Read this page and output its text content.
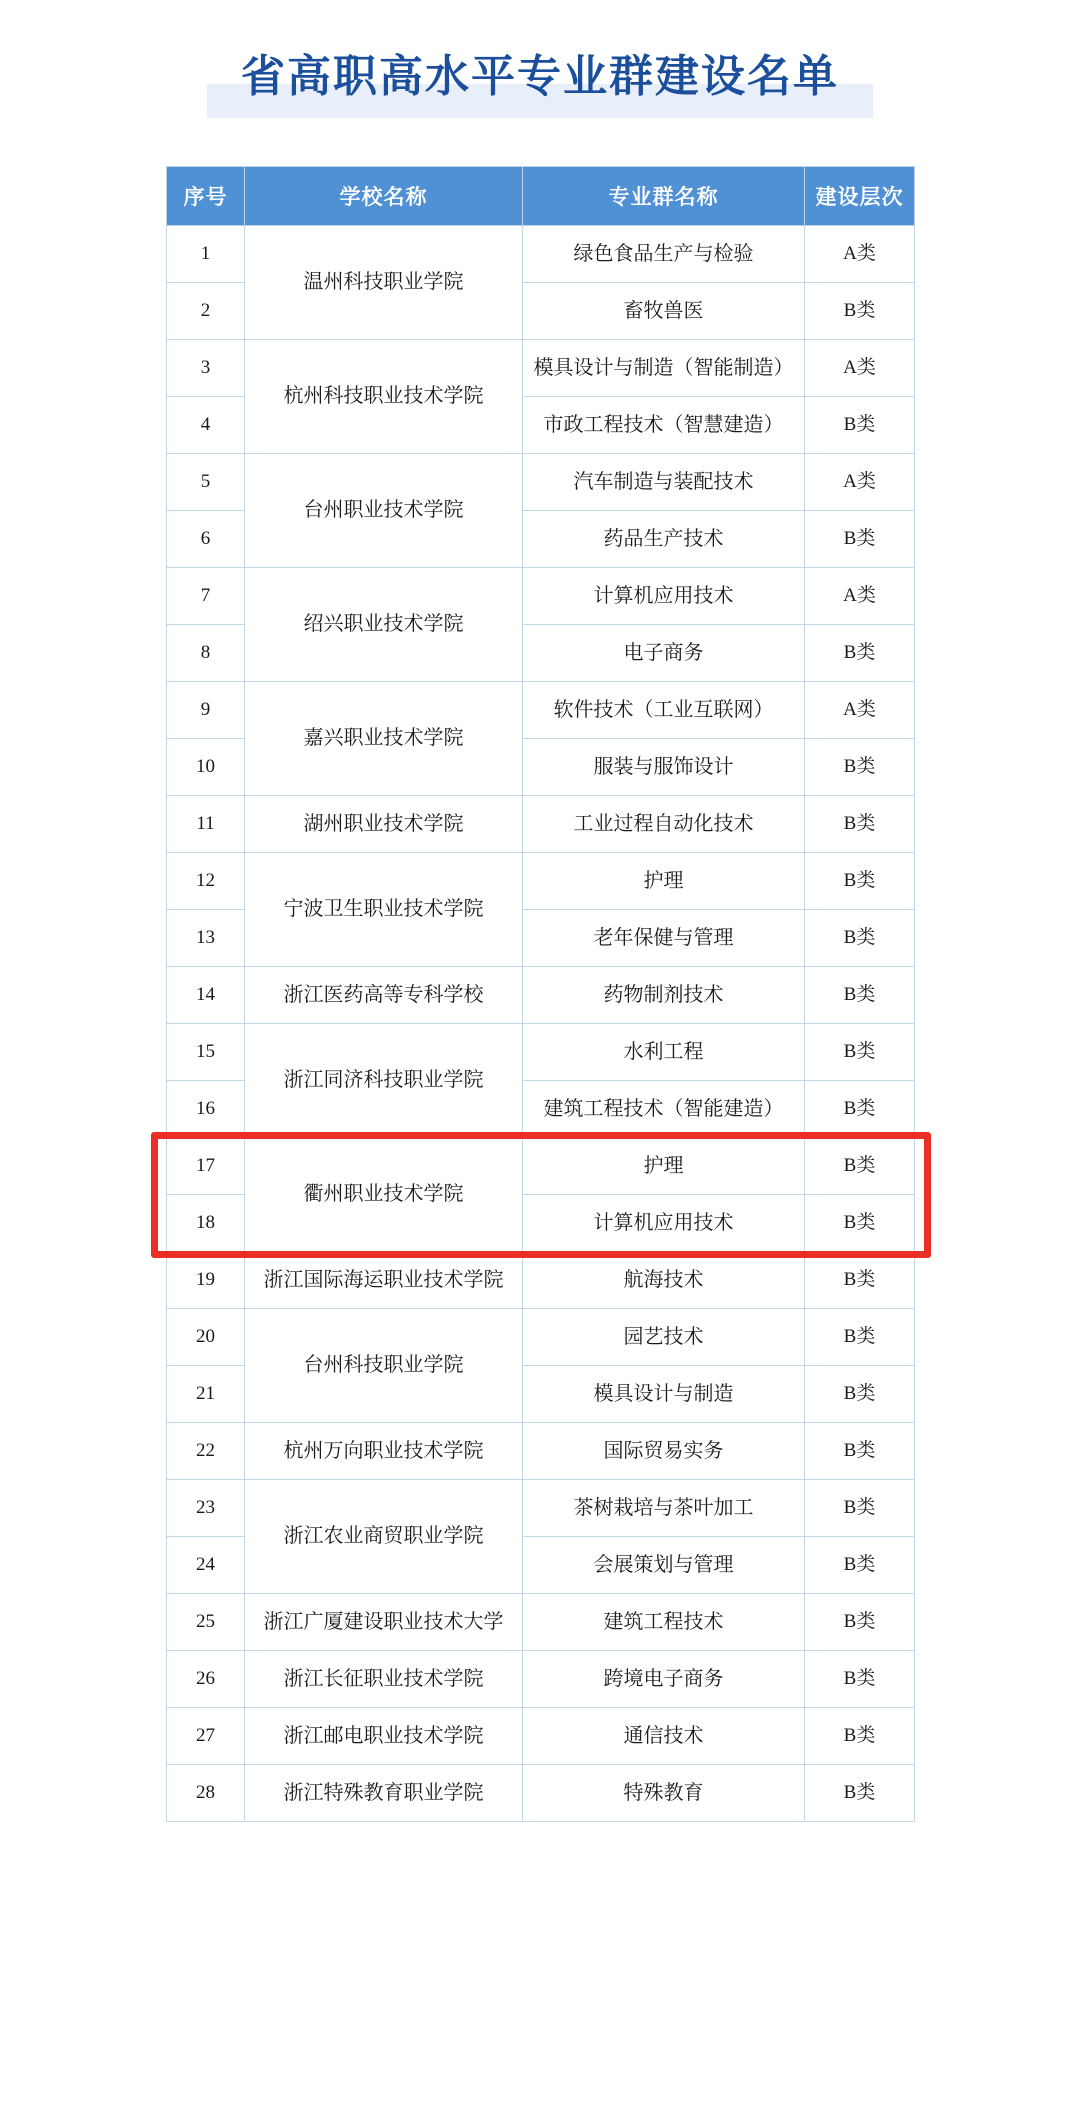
省高职高水平专业群建设名单
序号	学校名称	专业群名称	建设层次
1	温州科技职业学院	绿色食品生产与检验	A类
2		畜牧兽医	B类
3	杭州科技职业技术学院	模具设计与制造（智能制造）	A类
4		市政工程技术（智慧建造）	B类
5	台州职业技术学院	汽车制造与装配技术	A类
6		药品生产技术	B类
7	绍兴职业技术学院	计算机应用技术	A类
8		电子商务	B类
9	嘉兴职业技术学院	软件技术（工业互联网）	A类
10		服装与服饰设计	B类
11	湖州职业技术学院	工业过程自动化技术	B类
12	宁波卫生职业技术学院	护理	B类
13		老年保健与管理	B类
14	浙江医药高等专科学校	药物制剂技术	B类
15	浙江同济科技职业学院	水利工程	B类
16		建筑工程技术（智能建造）	B类
17	衢州职业技术学院	护理	B类
18		计算机应用技术	B类
19	浙江国际海运职业技术学院	航海技术	B类
20	台州科技职业学院	园艺技术	B类
21		模具设计与制造	B类
22	杭州万向职业技术学院	国际贸易实务	B类
23	浙江农业商贸职业学院	茶树栽培与茶叶加工	B类
24		会展策划与管理	B类
25	浙江广厦建设职业技术大学	建筑工程技术	B类
26	浙江长征职业技术学院	跨境电子商务	B类
27	浙江邮电职业技术学院	通信技术	B类
28	浙江特殊教育职业学院	特殊教育	B类
